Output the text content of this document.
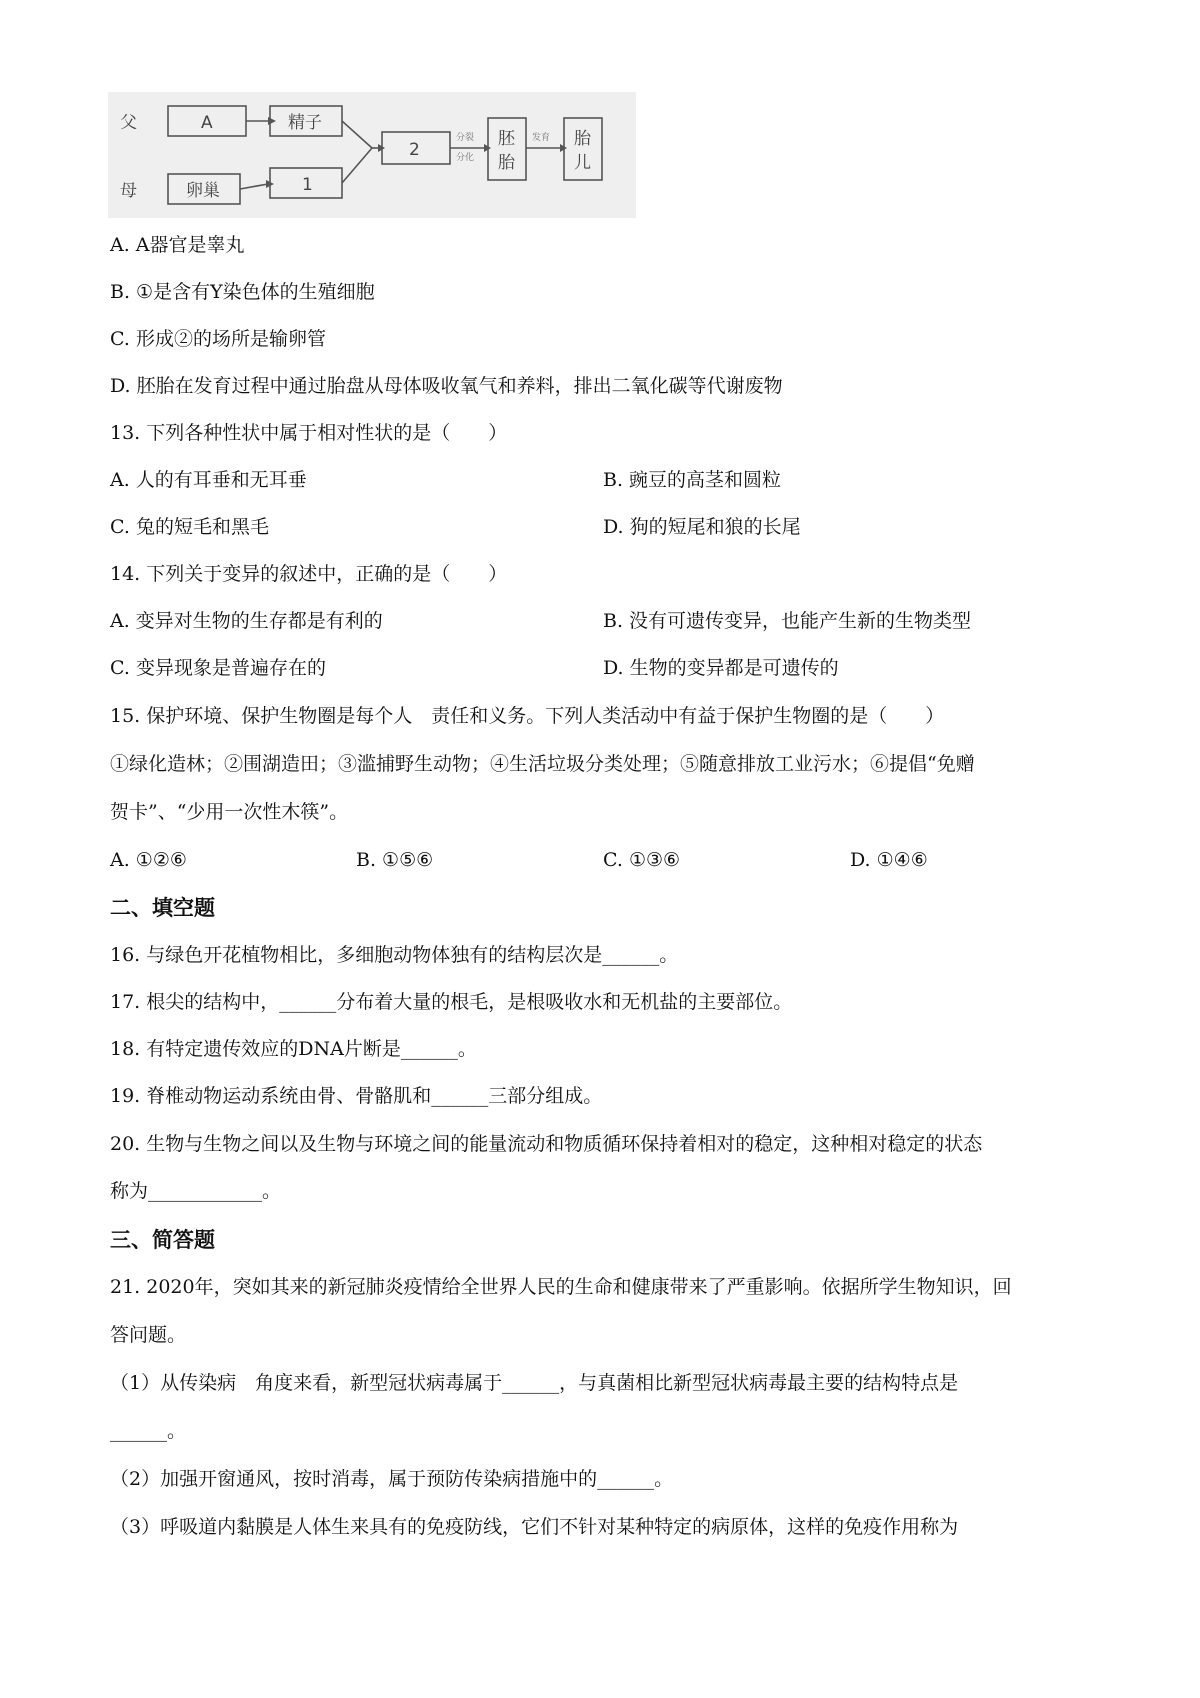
父
母
A	精子
卵巢	1
2
胚
胎
胎
儿
分裂
分化
发育
A. A器官是睾丸
B. ①是含有Y染色体的生殖细胞
C. 形成②的场所是输卵管
D. 胚胎在发育过程中通过胎盘从母体吸收氧气和养料，排出二氧化碳等代谢废物
13. 下列各种性状中属于相对性状的是（　　）
A. 人的有耳垂和无耳垂	B. 豌豆的高茎和圆粒
C. 兔的短毛和黑毛	D. 狗的短尾和狼的长尾
14. 下列关于变异的叙述中，正确的是（　　）
A. 变异对生物的生存都是有利的	B. 没有可遗传变异，也能产生新的生物类型
C. 变异现象是普遍存在的	D. 生物的变异都是可遗传的
15. 保护环境、保护生物圈是每个人　责任和义务。下列人类活动中有益于保护生物圈的是（　　）
①绿化造林；②围湖造田；③滥捕野生动物；④生活垃圾分类处理；⑤随意排放工业污水；⑥提倡“免赠
贺卡”、“少用一次性木筷”。
A. ①②⑥	B. ①⑤⑥	C. ①③⑥	D. ①④⑥
二、填空题
16. 与绿色开花植物相比，多细胞动物体独有的结构层次是______。
17. 根尖的结构中，______分布着大量的根毛，是根吸收水和无机盐的主要部位。
18. 有特定遗传效应的DNA片断是______。
19. 脊椎动物运动系统由骨、骨骼肌和______三部分组成。
20. 生物与生物之间以及生物与环境之间的能量流动和物质循环保持着相对的稳定，这种相对稳定的状态
称为____________。
三、简答题
21. 2020年，突如其来的新冠肺炎疫情给全世界人民的生命和健康带来了严重影响。依据所学生物知识，回
答问题。
（1）从传染病　角度来看，新型冠状病毒属于______，与真菌相比新型冠状病毒最主要的结构特点是
______。
（2）加强开窗通风，按时消毒，属于预防传染病措施中的______。
（3）呼吸道内黏膜是人体生来具有的免疫防线，它们不针对某种特定的病原体，这样的免疫作用称为
